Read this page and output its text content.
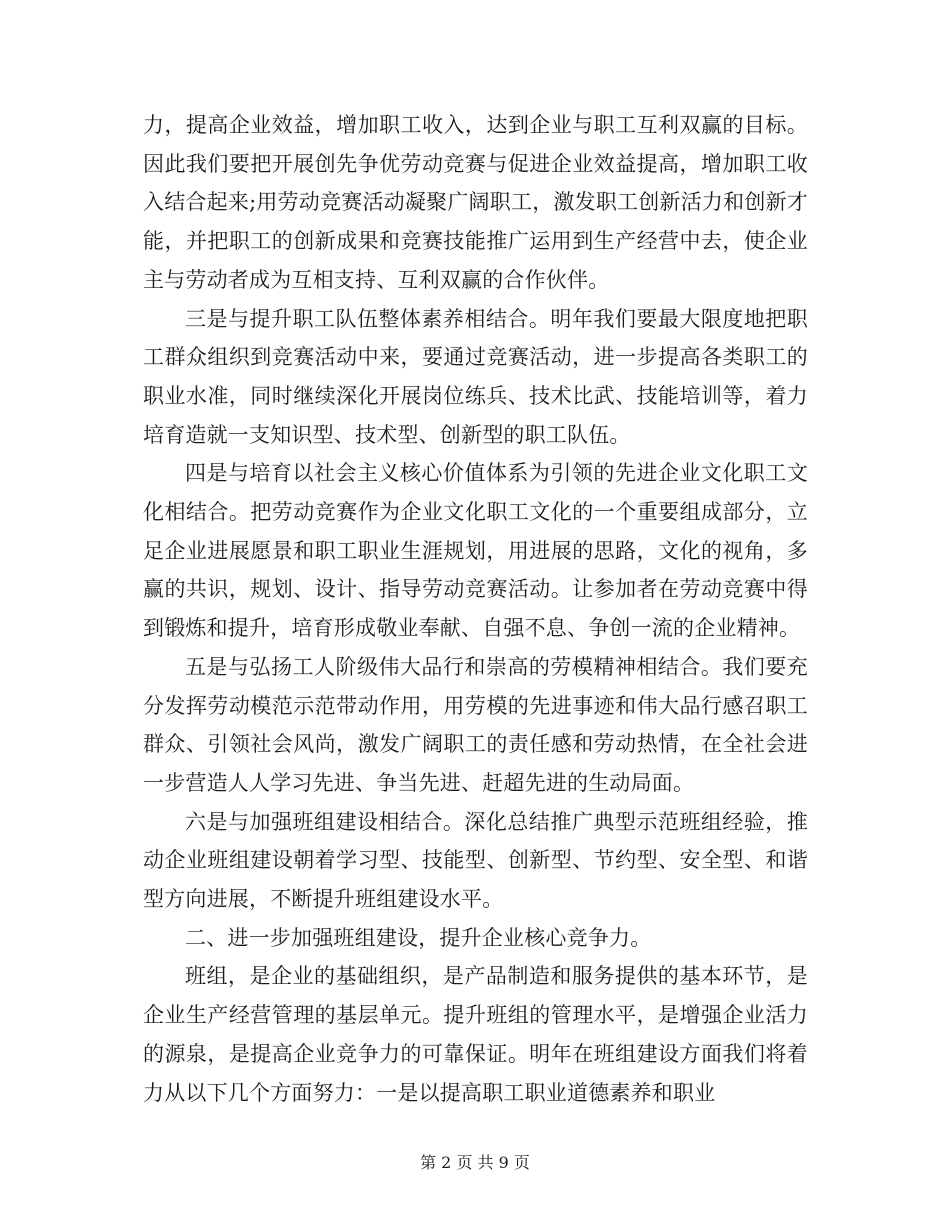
力，提高企业效益，增加职工收入，达到企业与职工互利双赢的目标。因此我们要把开展创先争优劳动竞赛与促进企业效益提高，增加职工收入结合起来;用劳动竞赛活动凝聚广阔职工，激发职工创新活力和创新才能，并把职工的创新成果和竞赛技能推广运用到生产经营中去，使企业主与劳动者成为互相支持、互利双赢的合作伙伴。

三是与提升职工队伍整体素养相结合。明年我们要最大限度地把职工群众组织到竞赛活动中来，要通过竞赛活动，进一步提高各类职工的职业水准，同时继续深化开展岗位练兵、技术比武、技能培训等，着力培育造就一支知识型、技术型、创新型的职工队伍。

四是与培育以社会主义核心价值体系为引领的先进企业文化职工文化相结合。把劳动竞赛作为企业文化职工文化的一个重要组成部分，立足企业进展愿景和职工职业生涯规划，用进展的思路，文化的视角，多赢的共识，规划、设计、指导劳动竞赛活动。让参加者在劳动竞赛中得到锻炼和提升，培育形成敬业奉献、自强不息、争创一流的企业精神。

五是与弘扬工人阶级伟大品行和崇高的劳模精神相结合。我们要充分发挥劳动模范示范带动作用，用劳模的先进事迹和伟大品行感召职工群众、引领社会风尚，激发广阔职工的责任感和劳动热情，在全社会进一步营造人人学习先进、争当先进、赶超先进的生动局面。

六是与加强班组建设相结合。深化总结推广典型示范班组经验，推动企业班组建设朝着学习型、技能型、创新型、节约型、安全型、和谐型方向进展，不断提升班组建设水平。

二、进一步加强班组建设，提升企业核心竞争力。

班组，是企业的基础组织，是产品制造和服务提供的基本环节，是企业生产经营管理的基层单元。提升班组的管理水平，是增强企业活力的源泉，是提高企业竞争力的可靠保证。明年在班组建设方面我们将着力从以下几个方面努力：一是以提高职工职业道德素养和职业

第 2 页 共 9 页
